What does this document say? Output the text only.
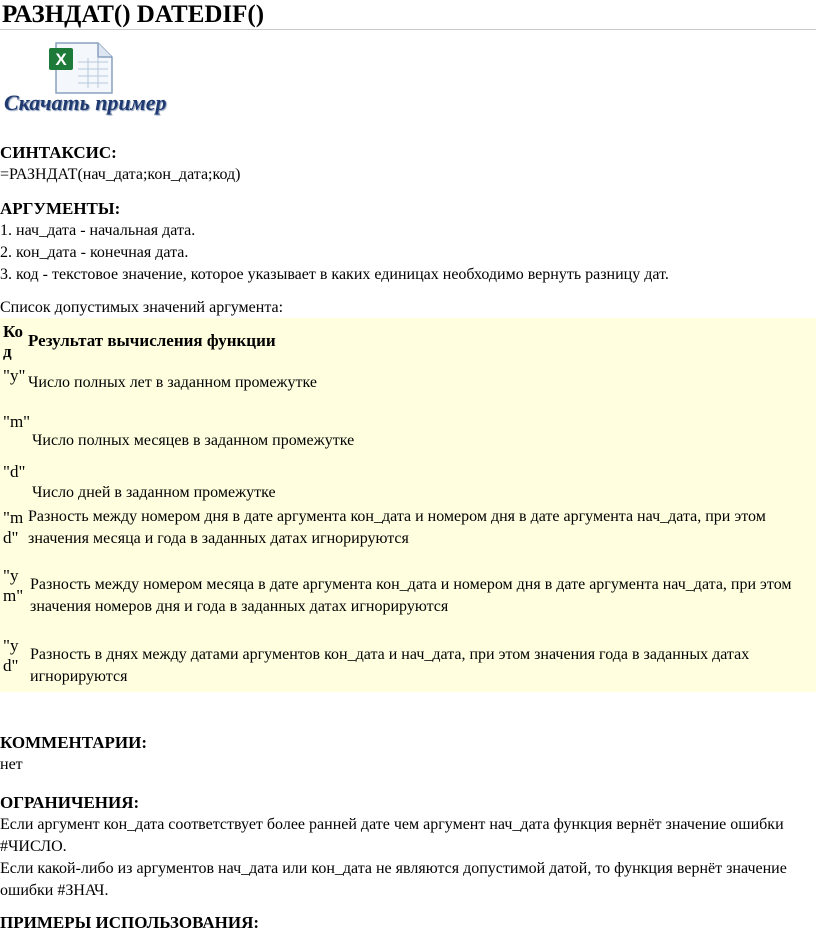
РАЗНДАТ() DATEDIF()
X
Скачать пример
СИНТАКСИС:
=РАЗНДАТ(нач_дата;кон_дата;код)
АРГУМЕНТЫ:
1. нач_дата - начальная дата.
2. кон_дата - конечная дата.
3. код - текстовое значение, которое указывает в каких единицах необходимо вернуть разницу дат.
Список допустимых значений аргумента:
Код
Результат вычисления функции
"y" Число полных лет в заданном промежутке
"m"
Число полных месяцев в заданном промежутке
"d"
Число дней в заданном промежутке
"md"
Разность между номером дня в дате аргумента кон_дата и номером дня в дате аргумента нач_дата, при этом значения месяца и года в заданных датах игнорируются
"ym"
Разность между номером месяца в дате аргумента кон_дата и номером дня в дате аргумента нач_дата, при этом значения номеров дня и года в заданных датах игнорируются
"yd"
Разность в днях между датами аргументов кон_дата и нач_дата, при этом значения года в заданных датах игнорируются
КОММЕНТАРИИ:
нет
ОГРАНИЧЕНИЯ:
Если аргумент кон_дата соответствует более ранней дате чем аргумент нач_дата функция вернёт значение ошибки #ЧИСЛО.
Если какой-либо из аргументов нач_дата или кон_дата не являются допустимой датой, то функция вернёт значение ошибки #ЗНАЧ.
ПРИМЕРЫ ИСПОЛЬЗОВАНИЯ:
